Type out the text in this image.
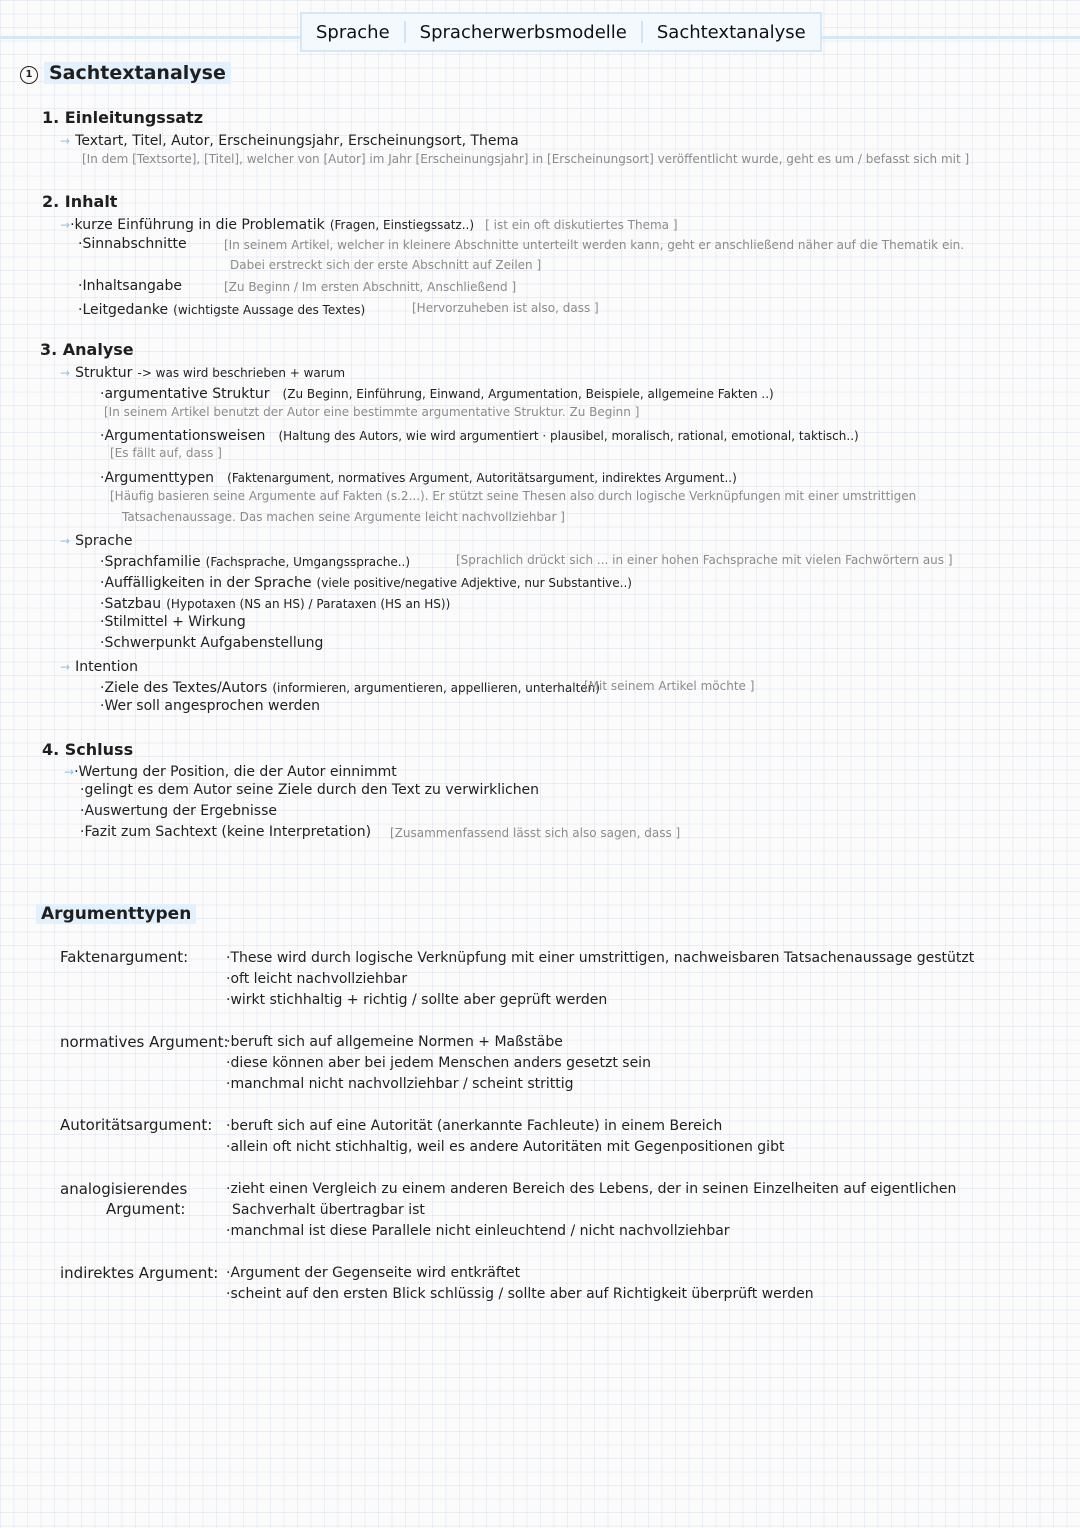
Sprache	Spracherwerbsmodelle	Sachtextanalyse
1 Sachtextanalyse
1. Einleitungssatz
→ Textart, Titel, Autor, Erscheinungsjahr, Erscheinungsort, Thema
[In dem [Textsorte], [Titel], welcher von [Autor] im Jahr [Erscheinungsjahr] in [Erscheinungsort] veröffentlicht wurde, geht es um / befasst sich mit ]
2. Inhalt
→·kurze Einführung in die Problematik (Fragen, Einstiegssatz..) [ ist ein oft diskutiertes Thema ]
·Sinnabschnitte	[In seinem Artikel, welcher in kleinere Abschnitte unterteilt werden kann, geht er anschließend näher auf die Thematik ein.
Dabei erstreckt sich der erste Abschnitt auf Zeilen ]
·Inhaltsangabe	[Zu Beginn / Im ersten Abschnitt, Anschließend ]
·Leitgedanke (wichtigste Aussage des Textes)	[Hervorzuheben ist also, dass ]
3. Analyse
→ Struktur -> was wird beschrieben + warum
·argumentative Struktur (Zu Beginn, Einführung, Einwand, Argumentation, Beispiele, allgemeine Fakten ..)
[In seinem Artikel benutzt der Autor eine bestimmte argumentative Struktur. Zu Beginn ]
·Argumentationsweisen (Haltung des Autors, wie wird argumentiert · plausibel, moralisch, rational, emotional, taktisch..)
[Es fällt auf, dass ]
·Argumenttypen (Faktenargument, normatives Argument, Autoritätsargument, indirektes Argument..)
[Häufig basieren seine Argumente auf Fakten (s.2...). Er stützt seine Thesen also durch logische Verknüpfungen mit einer umstrittigen
Tatsachenaussage. Das machen seine Argumente leicht nachvollziehbar ]
→ Sprache
·Sprachfamilie (Fachsprache, Umgangssprache..)	[Sprachlich drückt sich ... in einer hohen Fachsprache mit vielen Fachwörtern aus ]
·Auffälligkeiten in der Sprache (viele positive/negative Adjektive, nur Substantive..)
·Satzbau (Hypotaxen (NS an HS) / Parataxen (HS an HS))
·Stilmittel + Wirkung
·Schwerpunkt Aufgabenstellung
→ Intention
·Ziele des Textes/Autors (informieren, argumentieren, appellieren, unterhalten)
[Mit seinem Artikel möchte ]
·Wer soll angesprochen werden
4. Schluss
→·Wertung der Position, die der Autor einnimmt
·gelingt es dem Autor seine Ziele durch den Text zu verwirklichen
·Auswertung der Ergebnisse
·Fazit zum Sachtext (keine Interpretation) [Zusammenfassend lässt sich also sagen, dass ]
Argumenttypen
Faktenargument:	·These wird durch logische Verknüpfung mit einer umstrittigen, nachweisbaren Tatsachenaussage gestützt
·oft leicht nachvollziehbar
·wirkt stichhaltig + richtig / sollte aber geprüft werden
normatives Argument:
·beruft sich auf allgemeine Normen + Maßstäbe
·diese können aber bei jedem Menschen anders gesetzt sein
·manchmal nicht nachvollziehbar / scheint strittig
Autoritätsargument: ·beruft sich auf eine Autorität (anerkannte Fachleute) in einem Bereich
·allein oft nicht stichhaltig, weil es andere Autoritäten mit Gegenpositionen gibt
analogisierendes
Argument:
·zieht einen Vergleich zu einem anderen Bereich des Lebens, der in seinen Einzelheiten auf eigentlichen
Sachverhalt übertragbar ist
·manchmal ist diese Parallele nicht einleuchtend / nicht nachvollziehbar
indirektes Argument: ·Argument der Gegenseite wird entkräftet
·scheint auf den ersten Blick schlüssig / sollte aber auf Richtigkeit überprüft werden
